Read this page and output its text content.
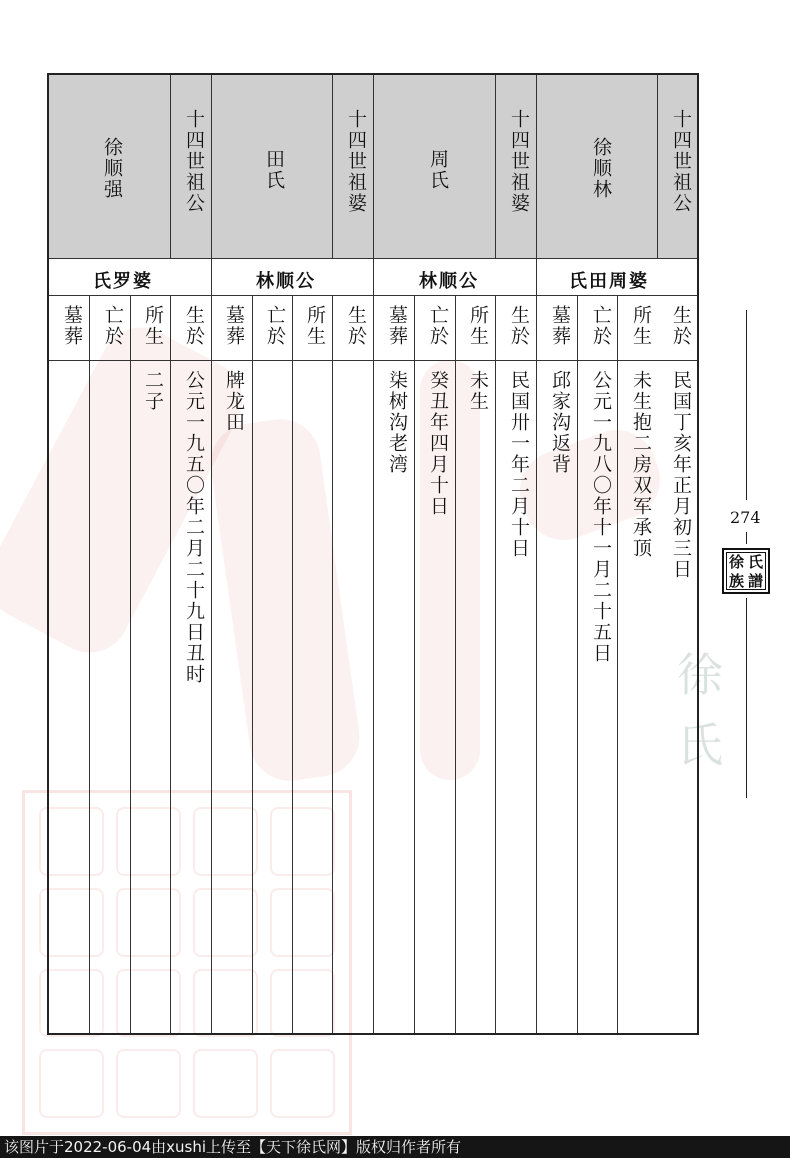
徐
氏
十四世祖公
徐顺林
氏田周婆
生於
所生
亡於
墓葬
民国丁亥年正月初三日
未生抱二房双军承顶
公元一九八〇年十一月二十五日
邱家沟返背
十四世祖婆
周氏
林顺公
生於
所生
亡於
墓葬
民国卅一年二月十日
未生
癸丑年四月十日
柒树沟老湾
十四世祖婆
田氏
林顺公
生於
所生
亡於
墓葬
牌龙田
十四世祖公
徐顺强
氏罗婆
生於
所生
亡於
墓葬
公元一九五〇年二月二十九日丑时
二子
274
徐 氏
族 譜
该图片于2022-06-04由xushi上传至【天下徐氏网】版权归作者所有
